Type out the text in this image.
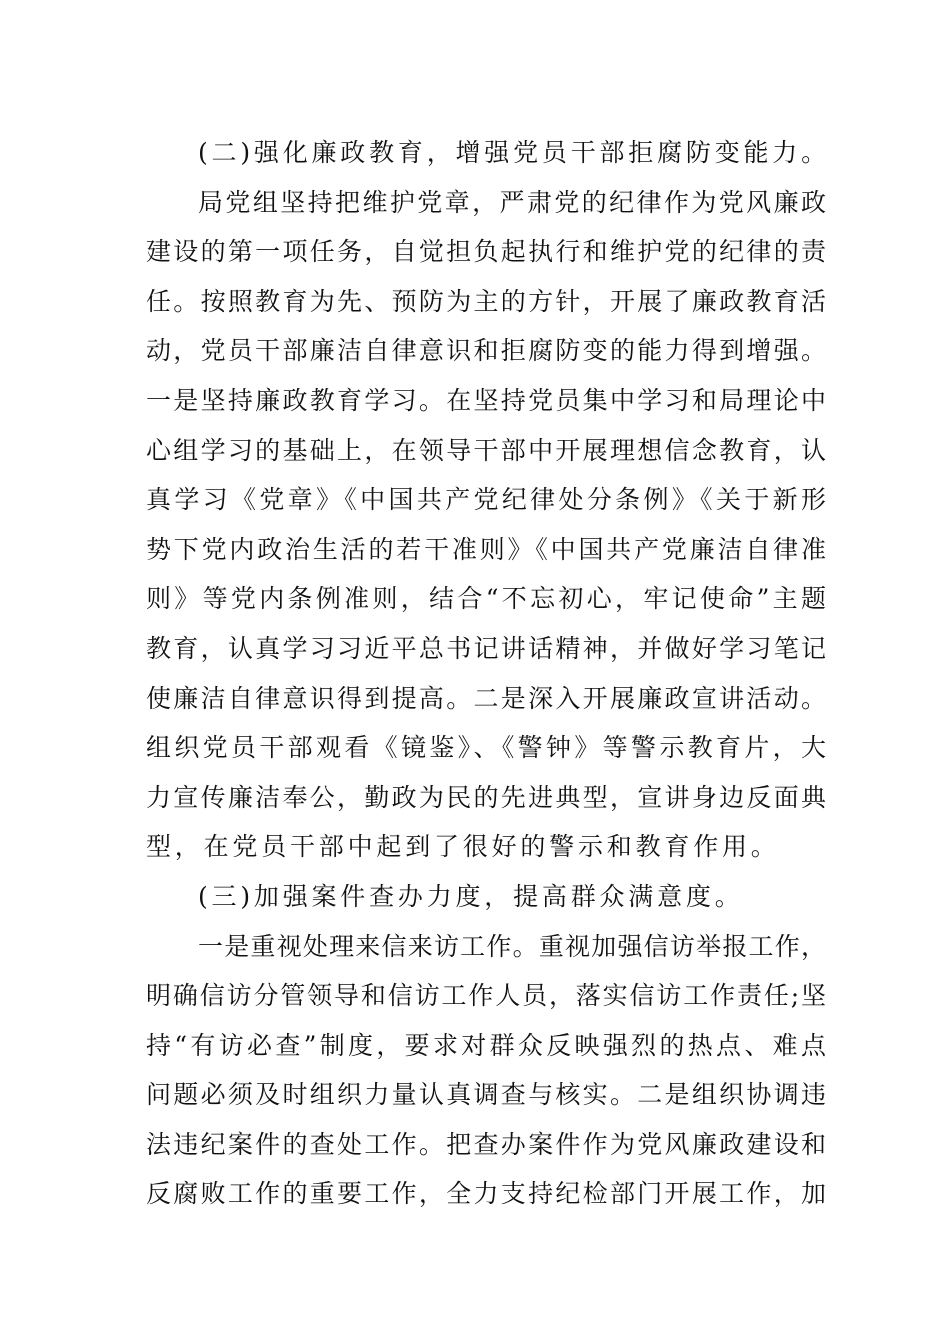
(二)强化廉政教育，增强党员干部拒腐防变能力。
局党组坚持把维护党章，严肃党的纪律作为党风廉政
建设的第一项任务，自觉担负起执行和维护党的纪律的责
任。按照教育为先、预防为主的方针，开展了廉政教育活
动，党员干部廉洁自律意识和拒腐防变的能力得到增强。
一是坚持廉政教育学习。在坚持党员集中学习和局理论中
心组学习的基础上，在领导干部中开展理想信念教育，认
真学习《党章》《中国共产党纪律处分条例》《关于新形
势下党内政治生活的若干准则》《中国共产党廉洁自律准
则》等党内条例准则，结合“不忘初心，牢记使命”主题
教育，认真学习习近平总书记讲话精神，并做好学习笔记
使廉洁自律意识得到提高。二是深入开展廉政宣讲活动。
组织党员干部观看《镜鉴》、《警钟》等警示教育片，大
力宣传廉洁奉公，勤政为民的先进典型，宣讲身边反面典
型，在党员干部中起到了很好的警示和教育作用。
(三)加强案件查办力度，提高群众满意度。
一是重视处理来信来访工作。重视加强信访举报工作，
明确信访分管领导和信访工作人员，落实信访工作责任;坚
持“有访必查”制度，要求对群众反映强烈的热点、难点
问题必须及时组织力量认真调查与核实。二是组织协调违
法违纪案件的查处工作。把查办案件作为党风廉政建设和
反腐败工作的重要工作，全力支持纪检部门开展工作，加
